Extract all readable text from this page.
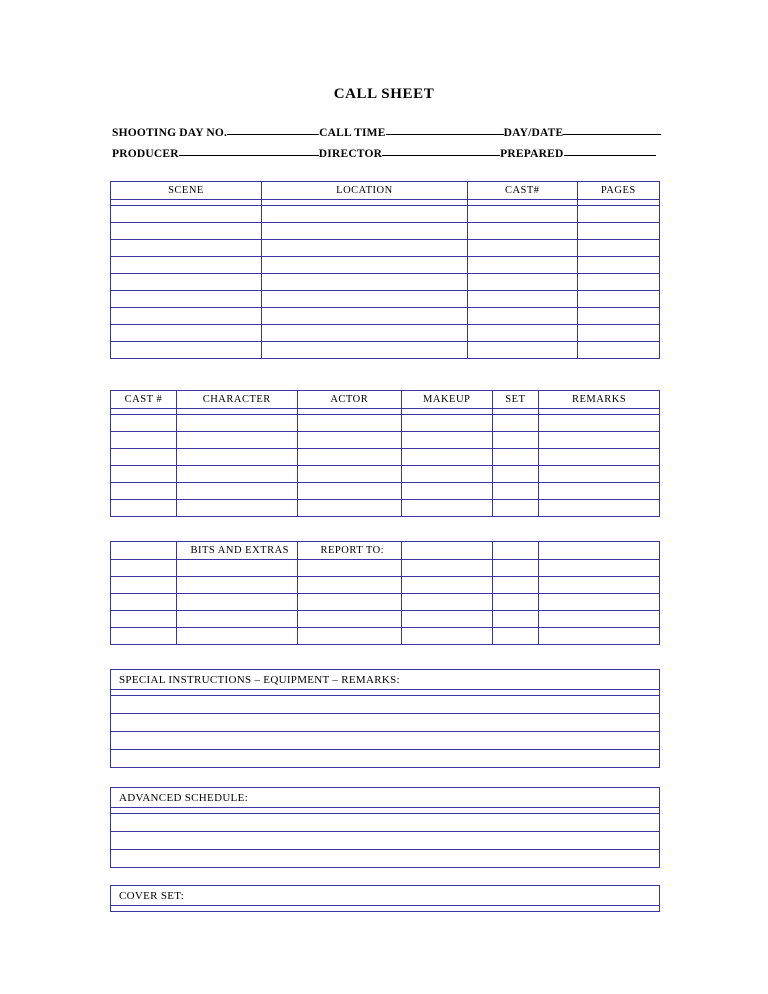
CALL SHEET
SHOOTING DAY NO.	CALL TIME	DAY/DATE
PRODUCER	DIRECTOR	PREPARED
SCENE	LOCATION	CAST#	PAGES

CAST #	CHARACTER	ACTOR	MAKEUP	SET	REMARKS

	BITS AND EXTRAS	REPORT TO:			

SPECIAL INSTRUCTIONS – EQUIPMENT – REMARKS:

ADVANCED SCHEDULE:

COVER SET:
